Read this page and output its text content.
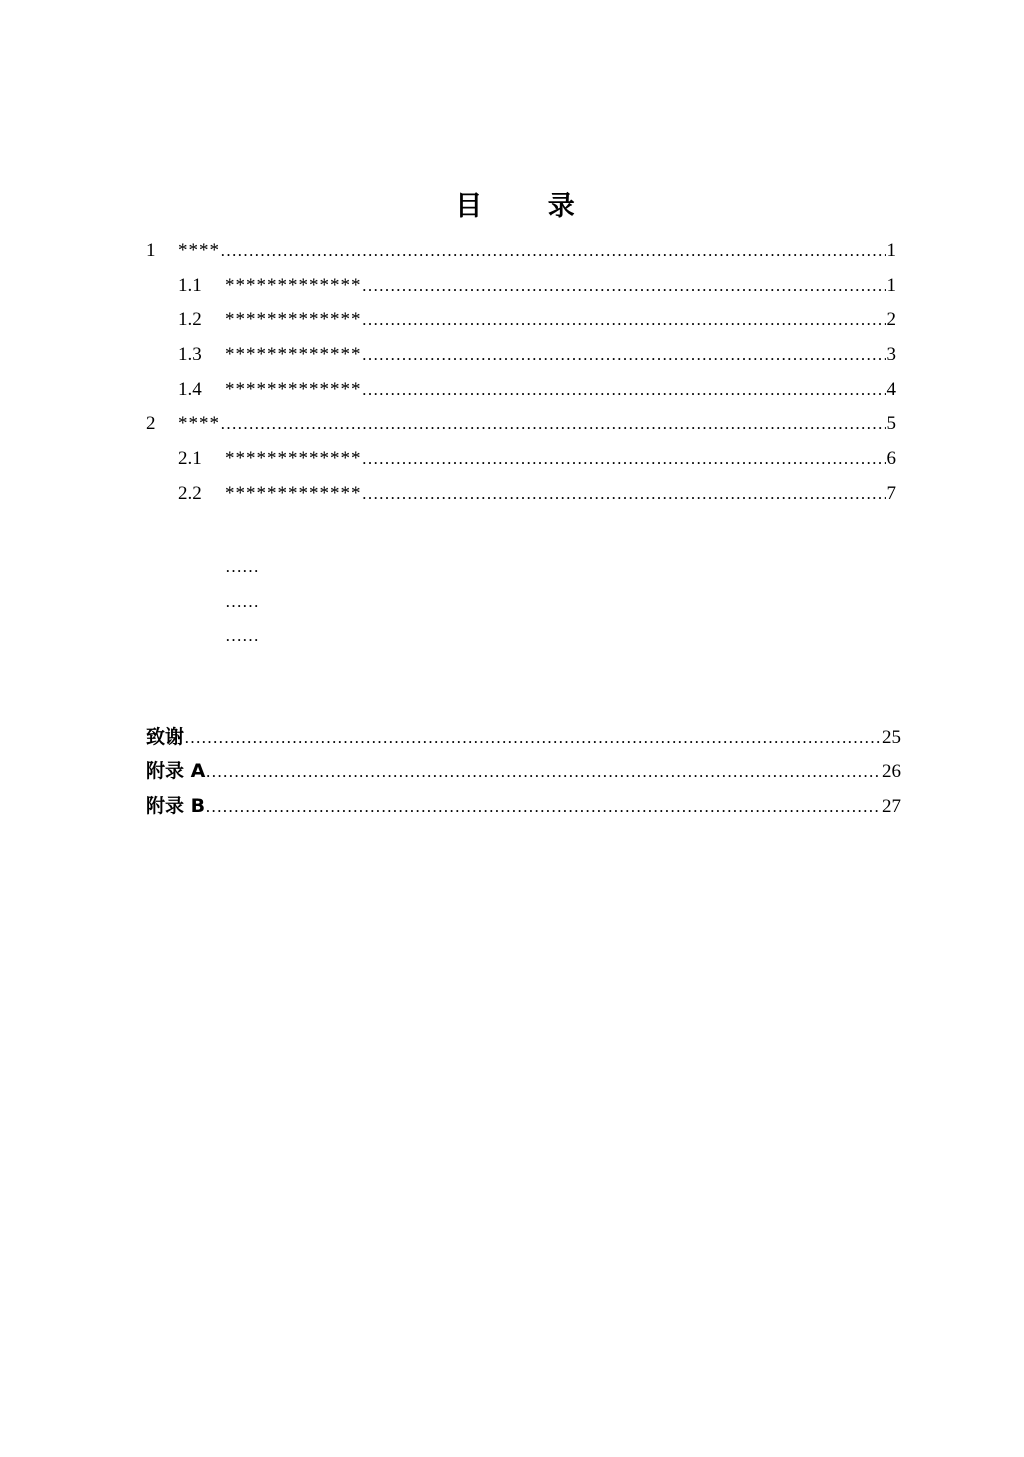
目 录
1	**** ……………………………………………………………………………………………………………………………………………………………………………………………………………………	1
1.1	************* ……………………………………………………………………………………………………………………………………………………………………………………………………………………	1
1.2	************* ……………………………………………………………………………………………………………………………………………………………………………………………………………………	2
1.3	************* ……………………………………………………………………………………………………………………………………………………………………………………………………………………	3
1.4	************* ……………………………………………………………………………………………………………………………………………………………………………………………………………………	4
2	**** ……………………………………………………………………………………………………………………………………………………………………………………………………………………	5
2.1	************* ……………………………………………………………………………………………………………………………………………………………………………………………………………………	6
2.2	************* ……………………………………………………………………………………………………………………………………………………………………………………………………………………	7
……
……
……
致谢 ……………………………………………………………………………………………………………………………………………………………………………………………………………………	25
附录 A ……………………………………………………………………………………………………………………………………………………………………………………………………………………	26
附录 B ……………………………………………………………………………………………………………………………………………………………………………………………………………………	27
